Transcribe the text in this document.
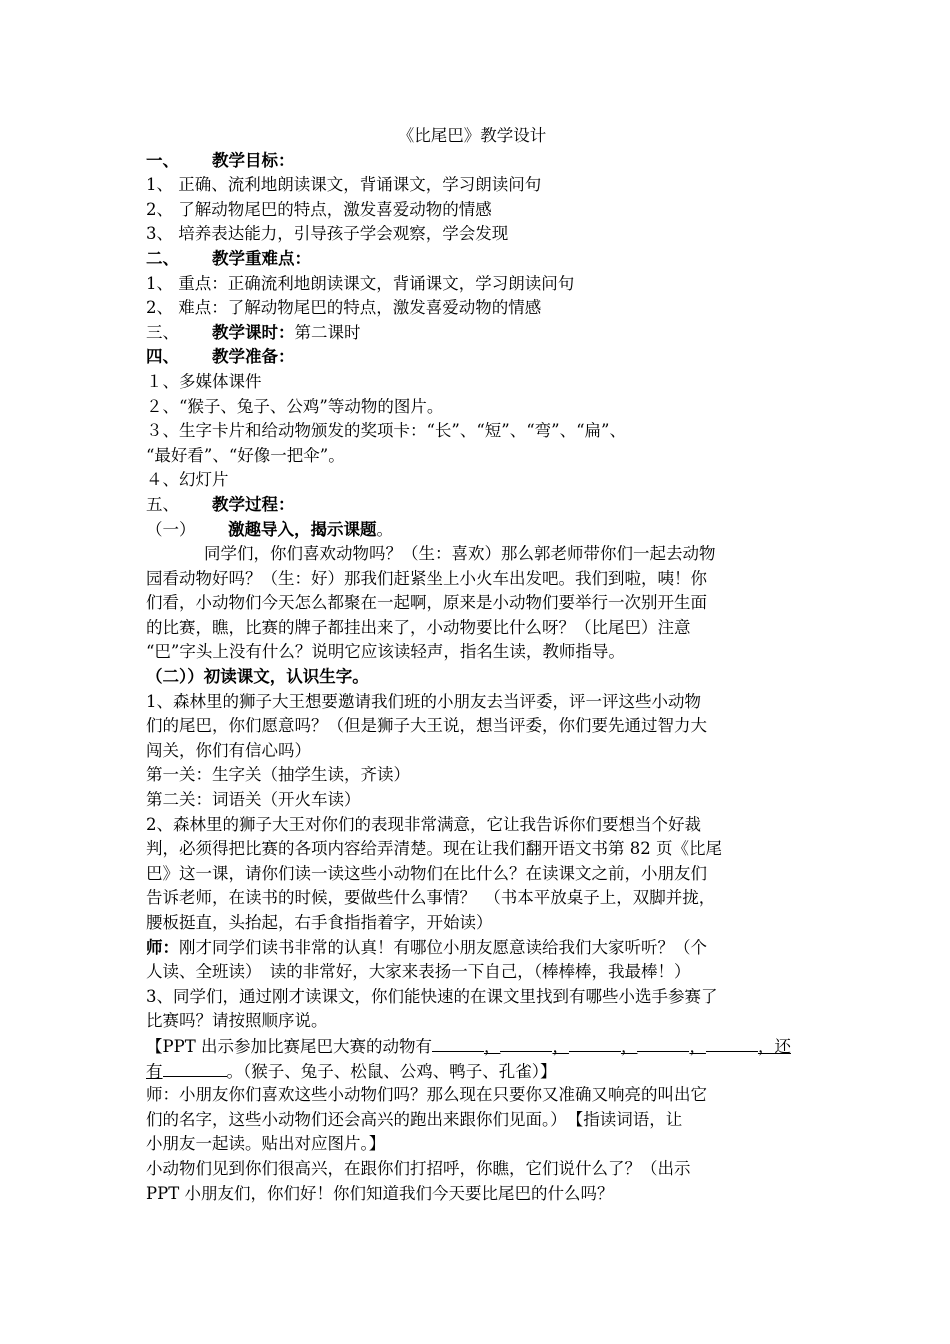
《比尾巴》教学设计
一、 教学目标：
1、 正确、流利地朗读课文，背诵课文，学习朗读问句
2、 了解动物尾巴的特点，激发喜爱动物的情感
3、 培养表达能力，引导孩子学会观察，学会发现
二、 教学重难点：
1、 重点：正确流利地朗读课文，背诵课文，学习朗读问句
2、 难点：了解动物尾巴的特点，激发喜爱动物的情感
三、 教学课时：第二课时
四、 教学准备：
１、多媒体课件
２、“猴子、兔子、公鸡”等动物的图片。
３、生字卡片和给动物颁发的奖项卡：“长”、“短”、“弯”、“扁”、
“最好看”、“好像一把伞”。
４、幻灯片
五、 教学过程：
（一） 激趣导入，揭示课题。
同学们，你们喜欢动物吗？（生：喜欢）那么郭老师带你们一起去动物
园看动物好吗？（生：好）那我们赶紧坐上小火车出发吧。我们到啦，咦！你
们看，小动物们今天怎么都聚在一起啊，原来是小动物们要举行一次别开生面
的比赛，瞧，比赛的牌子都挂出来了，小动物要比什么呀？（比尾巴）注意
“巴”字头上没有什么？说明它应该读轻声，指名生读，教师指导。
（二））初读课文，认识生字。
1、森林里的狮子大王想要邀请我们班的小朋友去当评委，评一评这些小动物
们的尾巴，你们愿意吗？（但是狮子大王说，想当评委，你们要先通过智力大
闯关，你们有信心吗）
第一关：生字关（抽学生读，齐读）
第二关：词语关（开火车读）
2、森林里的狮子大王对你们的表现非常满意，它让我告诉你们要想当个好裁
判，必须得把比赛的各项内容给弄清楚。现在让我们翻开语文书第 82 页《比尾
巴》这一课，请你们读一读这些小动物们在比什么？在读课文之前，小朋友们
告诉老师，在读书的时候，要做些什么事情？　（书本平放桌子上，双脚并拢，
腰板挺直，头抬起，右手食指指着字，开始读）
师：刚才同学们读书非常的认真！有哪位小朋友愿意读给我们大家听听？（个
人读、全班读）　读的非常好，大家来表扬一下自己，（棒棒棒，我最棒！）
3、同学们，通过刚才读课文，你们能快速的在课文里找到有哪些小选手参赛了
比赛吗？请按照顺序说。
【PPT 出示参加比赛尾巴大赛的动物有	，	，	，	，	，还
有	。（猴子、兔子、松鼠、公鸡、鸭子、孔雀）】
师：小朋友你们喜欢这些小动物们吗？那么现在只要你又准确又响亮的叫出它
们的名字，这些小动物们还会高兴的跑出来跟你们见面。）　【指读词语，让
小朋友一起读。贴出对应图片。】
小动物们见到你们很高兴，在跟你们打招呼，你瞧，它们说什么了？（出示
PPT 小朋友们，你们好！你们知道我们今天要比尾巴的什么吗？
